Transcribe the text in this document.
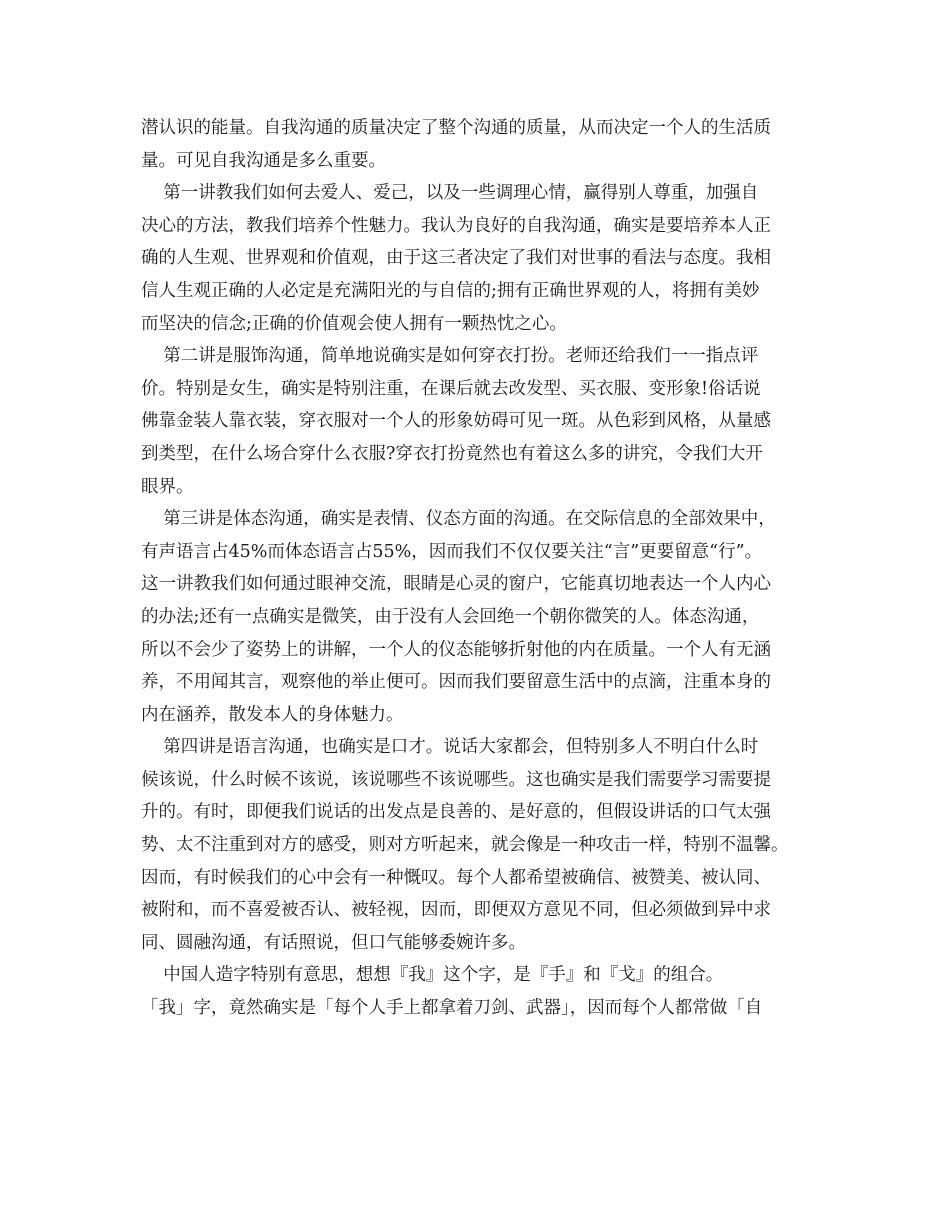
潜认识的能量。自我沟通的质量决定了整个沟通的质量，从而决定一个人的生活质
量。可见自我沟通是多么重要。
第一讲教我们如何去爱人、爱己，以及一些调理心情，赢得别人尊重，加强自
决心的方法，教我们培养个性魅力。我认为良好的自我沟通，确实是要培养本人正
确的人生观、世界观和价值观，由于这三者决定了我们对世事的看法与态度。我相
信人生观正确的人必定是充满阳光的与自信的;拥有正确世界观的人，将拥有美妙
而坚决的信念;正确的价值观会使人拥有一颗热忱之心。
第二讲是服饰沟通，简单地说确实是如何穿衣打扮。老师还给我们一一指点评
价。特别是女生，确实是特别注重，在课后就去改发型、买衣服、变形象!俗话说
佛靠金装人靠衣装，穿衣服对一个人的形象妨碍可见一斑。从色彩到风格，从量感
到类型，在什么场合穿什么衣服?穿衣打扮竟然也有着这么多的讲究，令我们大开
眼界。
第三讲是体态沟通，确实是表情、仪态方面的沟通。在交际信息的全部效果中，
有声语言占45%而体态语言占55%，因而我们不仅仅要关注“言”更要留意“行”。
这一讲教我们如何通过眼神交流，眼睛是心灵的窗户，它能真切地表达一个人内心
的办法;还有一点确实是微笑，由于没有人会回绝一个朝你微笑的人。体态沟通，
所以不会少了姿势上的讲解，一个人的仪态能够折射他的内在质量。一个人有无涵
养，不用闻其言，观察他的举止便可。因而我们要留意生活中的点滴，注重本身的
内在涵养，散发本人的身体魅力。
第四讲是语言沟通，也确实是口才。说话大家都会，但特别多人不明白什么时
候该说，什么时候不该说，该说哪些不该说哪些。这也确实是我们需要学习需要提
升的。有时，即便我们说话的出发点是良善的、是好意的，但假设讲话的口气太强
势、太不注重到对方的感受，则对方听起来，就会像是一种攻击一样，特别不温馨。
因而，有时候我们的心中会有一种慨叹。每个人都希望被确信、被赞美、被认同、
被附和，而不喜爱被否认、被轻视，因而，即便双方意见不同，但必须做到异中求
同、圆融沟通，有话照说，但口气能够委婉许多。
中国人造字特别有意思，想想『我』这个字，是『手』和『戈』的组合。
「我」字，竟然确实是「每个人手上都拿着刀剑、武器」，因而每个人都常做「自
